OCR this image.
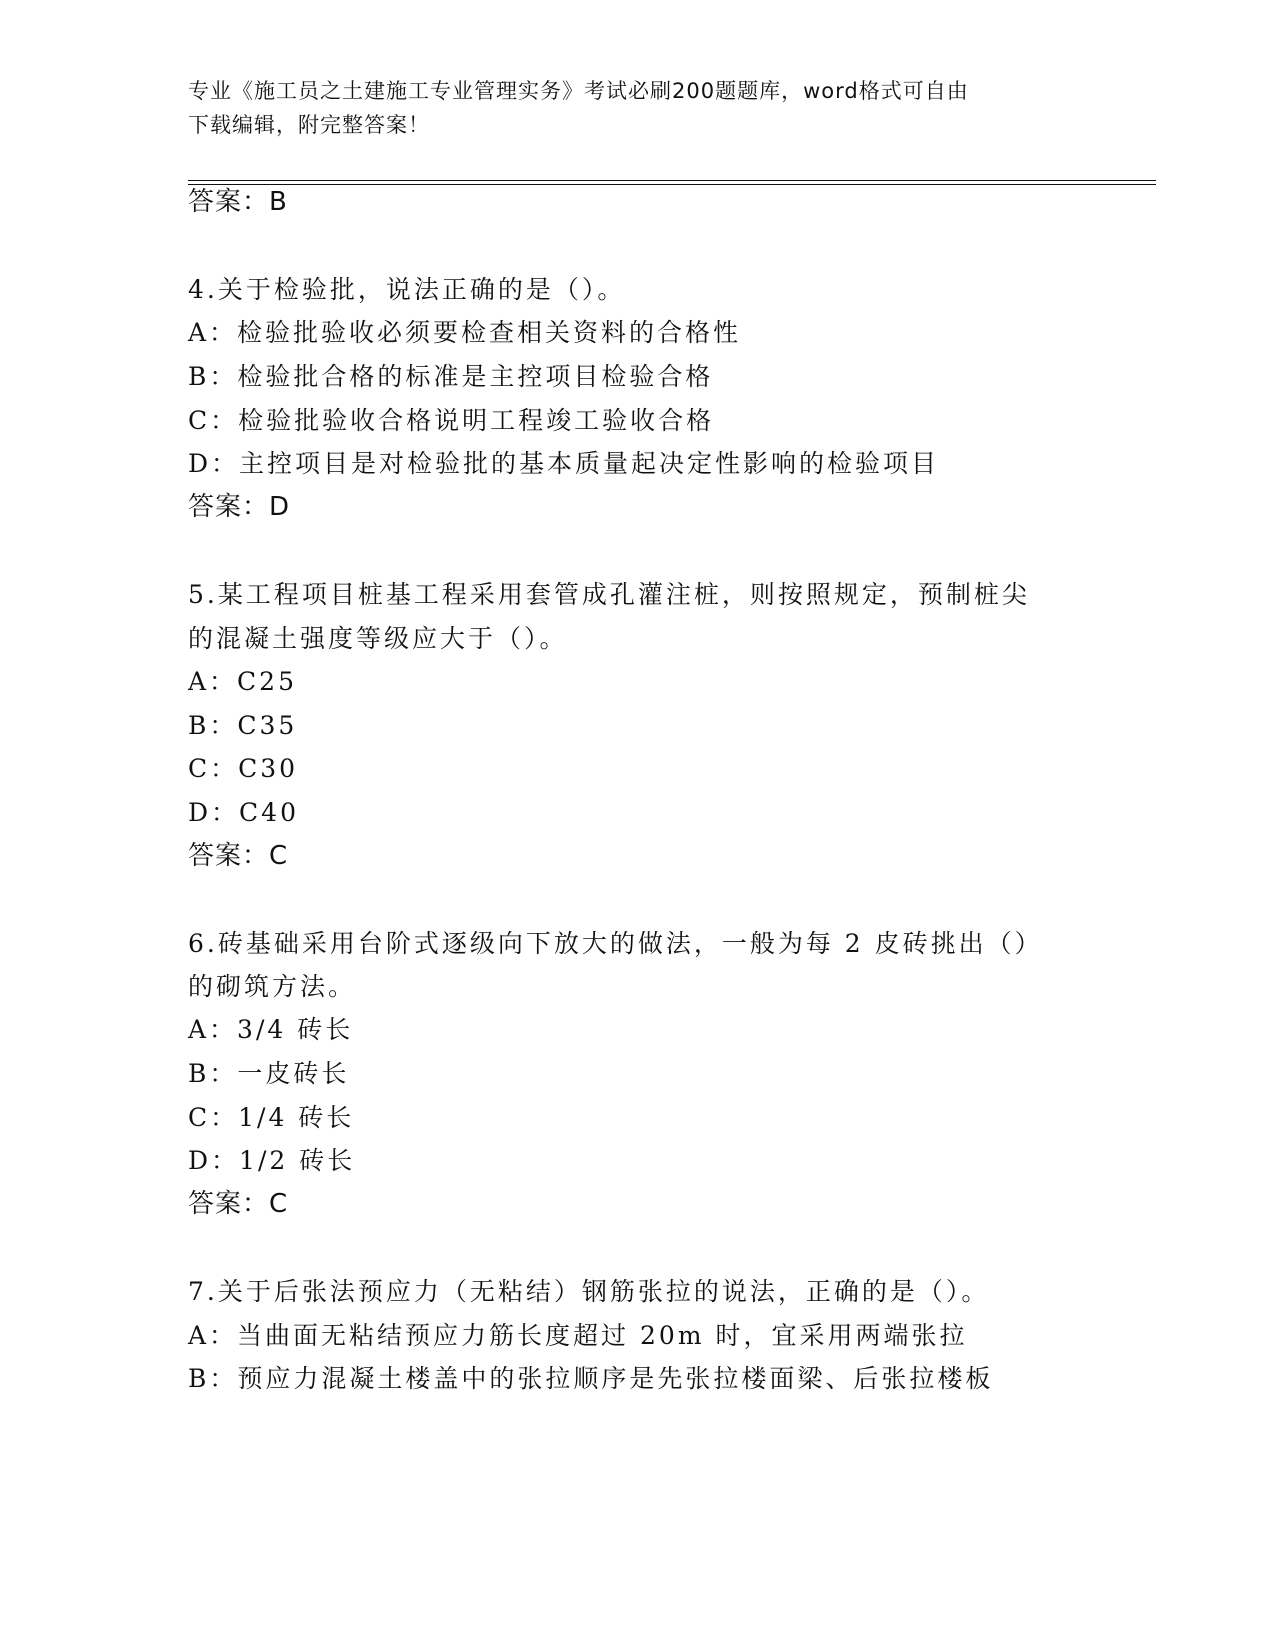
专业《施工员之土建施工专业管理实务》考试必刷200题题库，word格式可自由
下载编辑，附完整答案！
答案：B
4.关于检验批，说法正确的是（）。
A：检验批验收必须要检查相关资料的合格性
B：检验批合格的标准是主控项目检验合格
C：检验批验收合格说明工程竣工验收合格
D：主控项目是对检验批的基本质量起决定性影响的检验项目
答案：D
5.某工程项目桩基工程采用套管成孔灌注桩，则按照规定，预制桩尖
的混凝土强度等级应大于（）。
A：C25
B：C35
C：C30
D：C40
答案：C
6.砖基础采用台阶式逐级向下放大的做法，一般为每 2 皮砖挑出（）
的砌筑方法。
A：3/4 砖长
B：一皮砖长
C：1/4 砖长
D：1/2 砖长
答案：C
7.关于后张法预应力（无粘结）钢筋张拉的说法，正确的是（）。
A：当曲面无粘结预应力筋长度超过 20m 时，宜采用两端张拉
B：预应力混凝土楼盖中的张拉顺序是先张拉楼面梁、后张拉楼板
